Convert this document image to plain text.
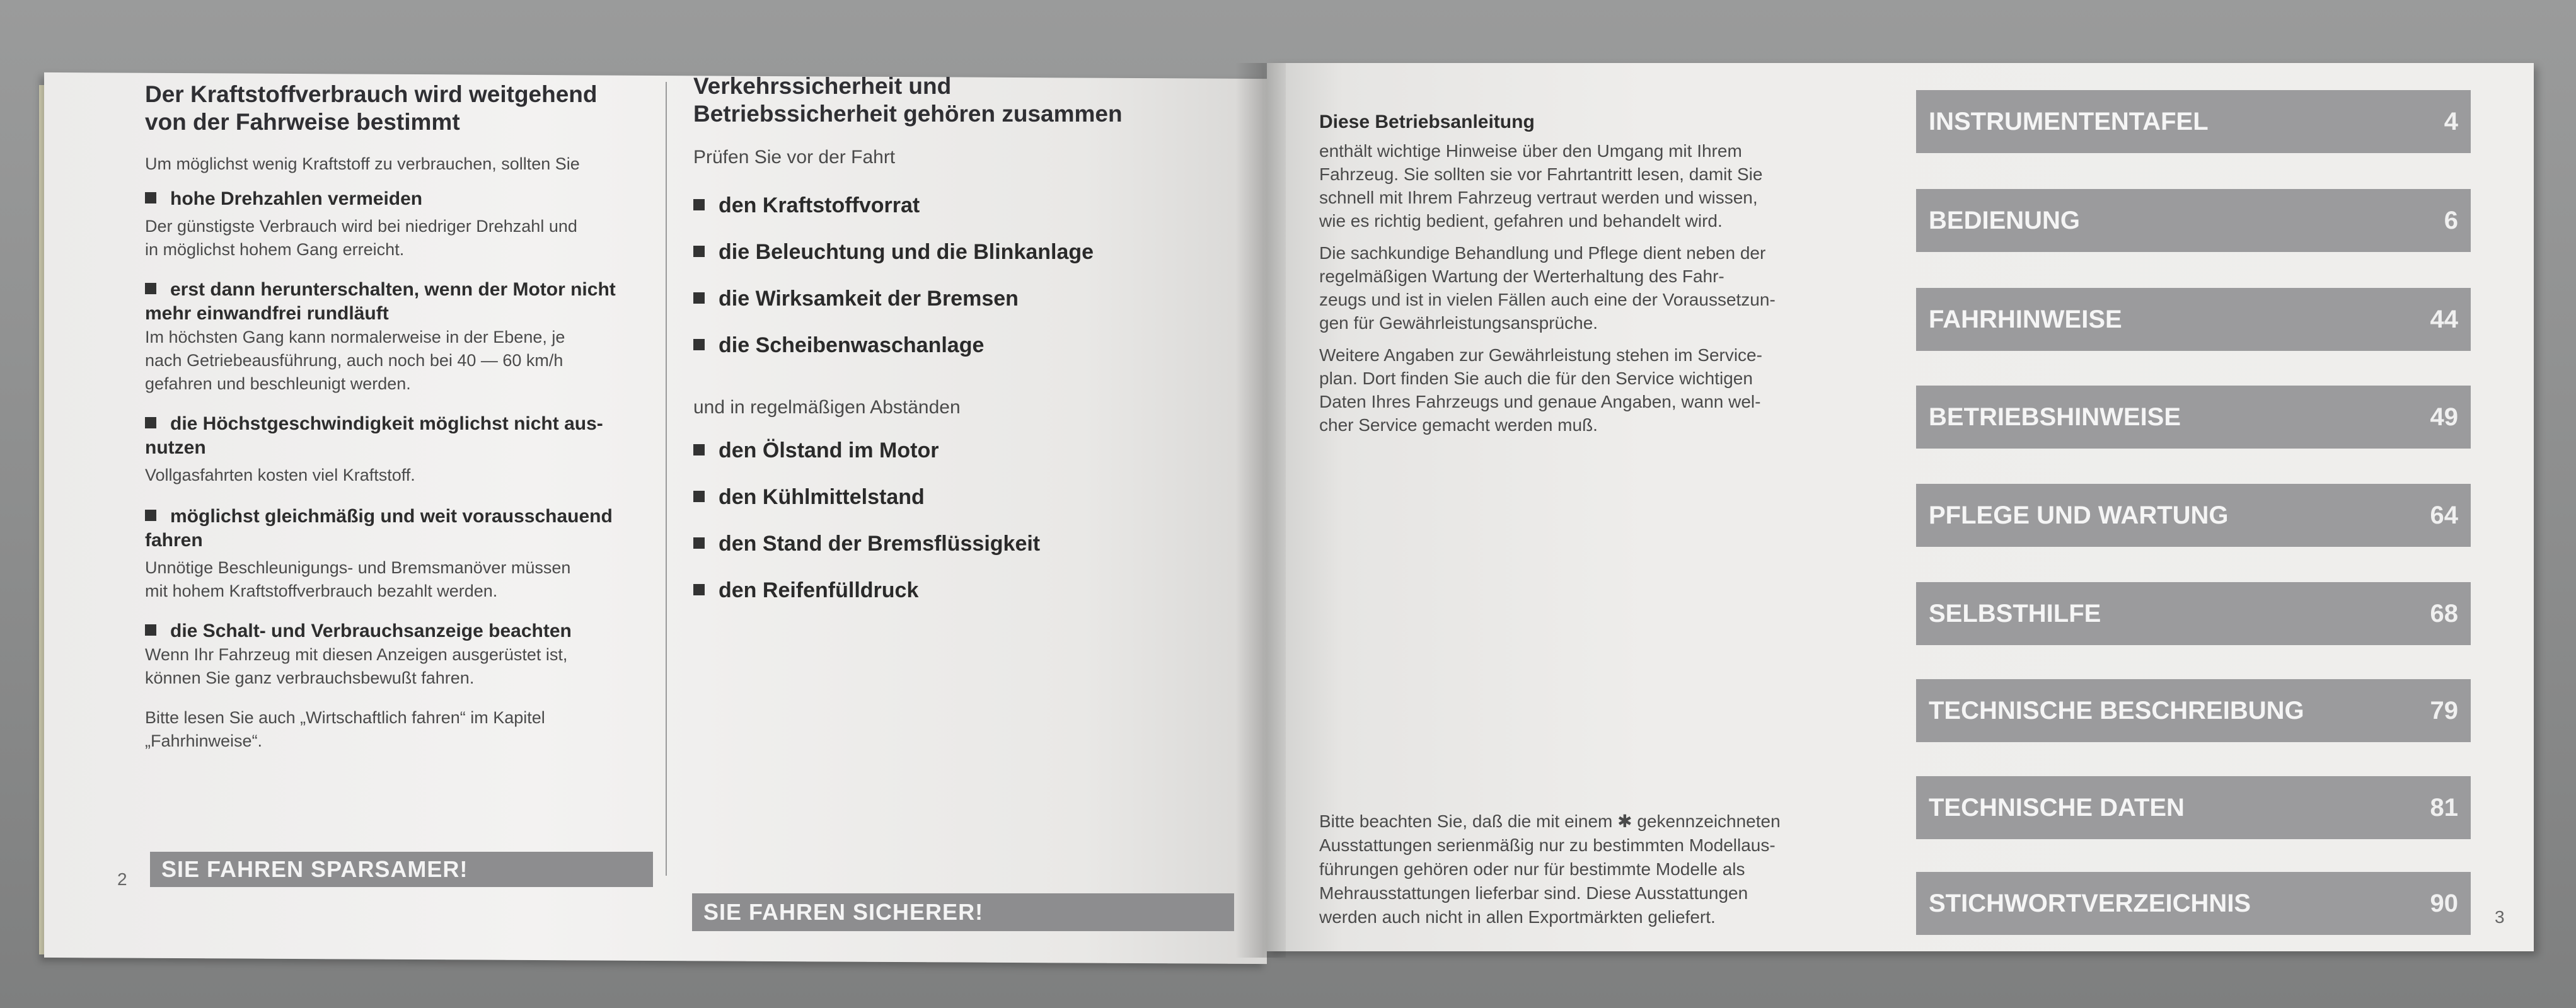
Der Kraftstoffverbrauch wird weitgehend
von der Fahrweise bestimmt

Um möglichst wenig Kraftstoff zu verbrauchen, sollten Sie

hohe Drehzahlen vermeiden

Der günstigste Verbrauch wird bei niedriger Drehzahl und
in möglichst hohem Gang erreicht.

erst dann herunterschalten, wenn der Motor nicht
mehr einwandfrei rundläuft

Im höchsten Gang kann normalerweise in der Ebene, je
nach Getriebeausführung, auch noch bei 40 — 60 km/h
gefahren und beschleunigt werden.

die Höchstgeschwindigkeit möglichst nicht aus-
nutzen

Vollgasfahrten kosten viel Kraftstoff.

möglichst gleichmäßig und weit vorausschauend
fahren

Unnötige Beschleunigungs- und Bremsmanöver müssen
mit hohem Kraftstoffverbrauch bezahlt werden.

die Schalt- und Verbrauchsanzeige beachten

Wenn Ihr Fahrzeug mit diesen Anzeigen ausgerüstet ist,
können Sie ganz verbrauchsbewußt fahren.

Bitte lesen Sie auch „Wirtschaftlich fahren“ im Kapitel
„Fahrhinweise“.

SIE FAHREN SPARSAMER!
2

Verkehrssicherheit und
Betriebssicherheit gehören zusammen

Prüfen Sie vor der Fahrt

den Kraftstoffvorrat

die Beleuchtung und die Blinkanlage

die Wirksamkeit der Bremsen

die Scheibenwaschanlage

und in regelmäßigen Abständen

den Ölstand im Motor

den Kühlmittelstand

den Stand der Bremsflüssigkeit

den Reifenfülldruck

SIE FAHREN SICHERER!

Diese Betriebsanleitung

enthält wichtige Hinweise über den Umgang mit Ihrem
Fahrzeug. Sie sollten sie vor Fahrtantritt lesen, damit Sie
schnell mit Ihrem Fahrzeug vertraut werden und wissen,
wie es richtig bedient, gefahren und behandelt wird.

Die sachkundige Behandlung und Pflege dient neben der
regelmäßigen Wartung der Werterhaltung des Fahr-
zeugs und ist in vielen Fällen auch eine der Voraussetzun-
gen für Gewährleistungsansprüche.

Weitere Angaben zur Gewährleistung stehen im Service-
plan. Dort finden Sie auch die für den Service wichtigen
Daten Ihres Fahrzeugs und genaue Angaben, wann wel-
cher Service gemacht werden muß.

Bitte beachten Sie, daß die mit einem ✱ gekennzeichneten
Ausstattungen serienmäßig nur zu bestimmten Modellaus-
führungen gehören oder nur für bestimmte Modelle als
Mehrausstattungen lieferbar sind. Diese Ausstattungen
werden auch nicht in allen Exportmärkten geliefert.

INSTRUMENTENTAFEL	4
BEDIENUNG	6
FAHRHINWEISE	44
BETRIEBSHINWEISE	49
PFLEGE UND WARTUNG	64
SELBSTHILFE	68
TECHNISCHE BESCHREIBUNG	79
TECHNISCHE DATEN	81
STICHWORTVERZEICHNIS	90 3
